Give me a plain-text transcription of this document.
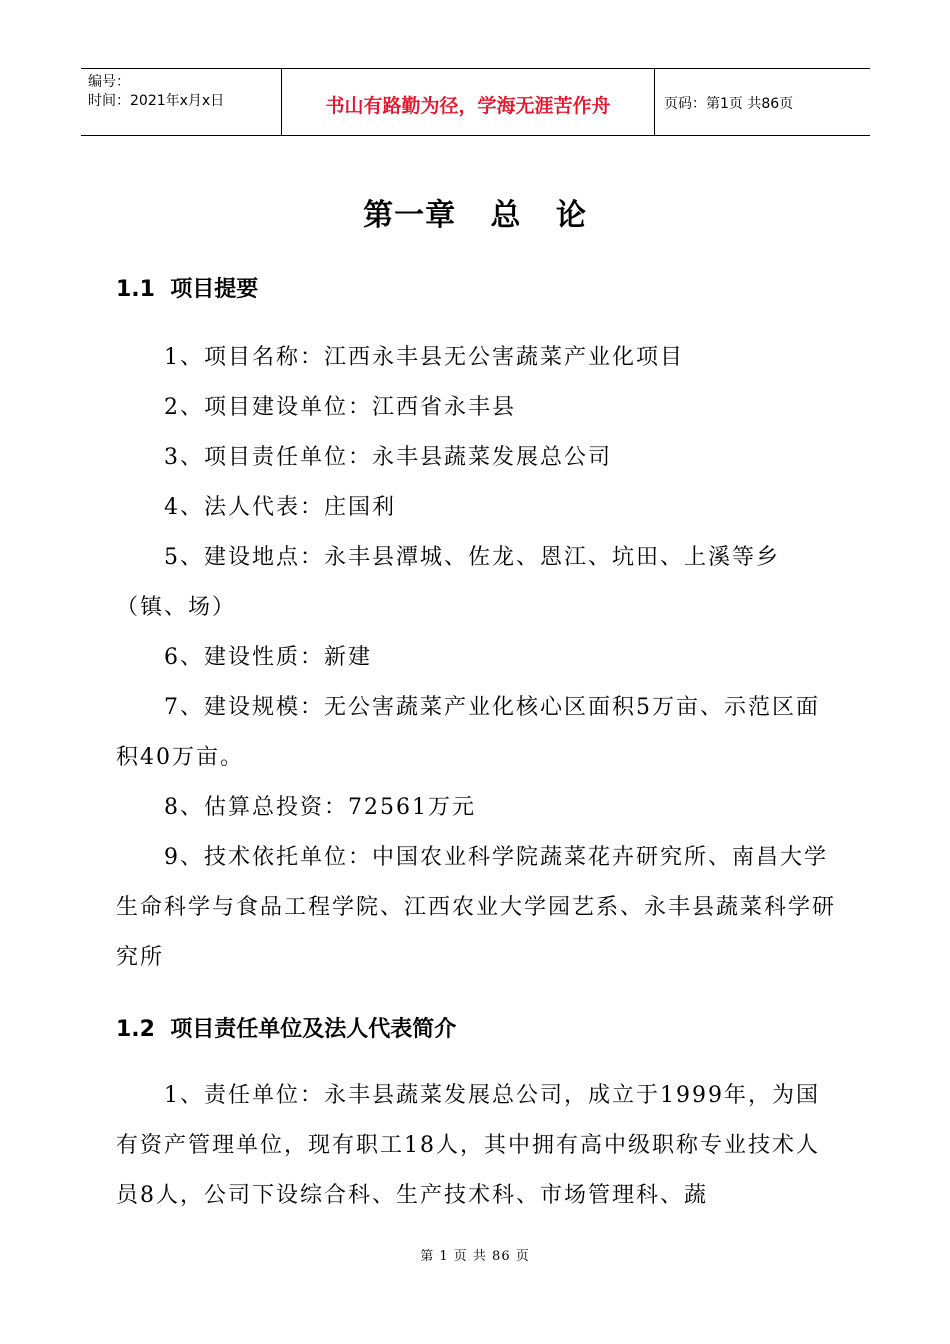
编号：
时间：2021年x月x日	书山有路勤为径，学海无涯苦作舟	页码：第1页 共86页
第一章   总   论
1.1  项目提要

1、项目名称：江西永丰县无公害蔬菜产业化项目

2、项目建设单位：江西省永丰县

3、项目责任单位：永丰县蔬菜发展总公司

4、法人代表：庄国利

5、建设地点：永丰县潭城、佐龙、恩江、坑田、上溪等乡（镇、场）

6、建设性质：新建

7、建设规模：无公害蔬菜产业化核心区面积5万亩、示范区面积40万亩。

8、估算总投资：72561万元

9、技术依托单位：中国农业科学院蔬菜花卉研究所、南昌大学生命科学与食品工程学院、江西农业大学园艺系、永丰县蔬菜科学研究所

1.2  项目责任单位及法人代表简介

1、责任单位：永丰县蔬菜发展总公司，成立于1999年，为国有资产管理单位，现有职工18人，其中拥有高中级职称专业技术人员8人，公司下设综合科、生产技术科、市场管理科、蔬

第 1 页 共 86 页
